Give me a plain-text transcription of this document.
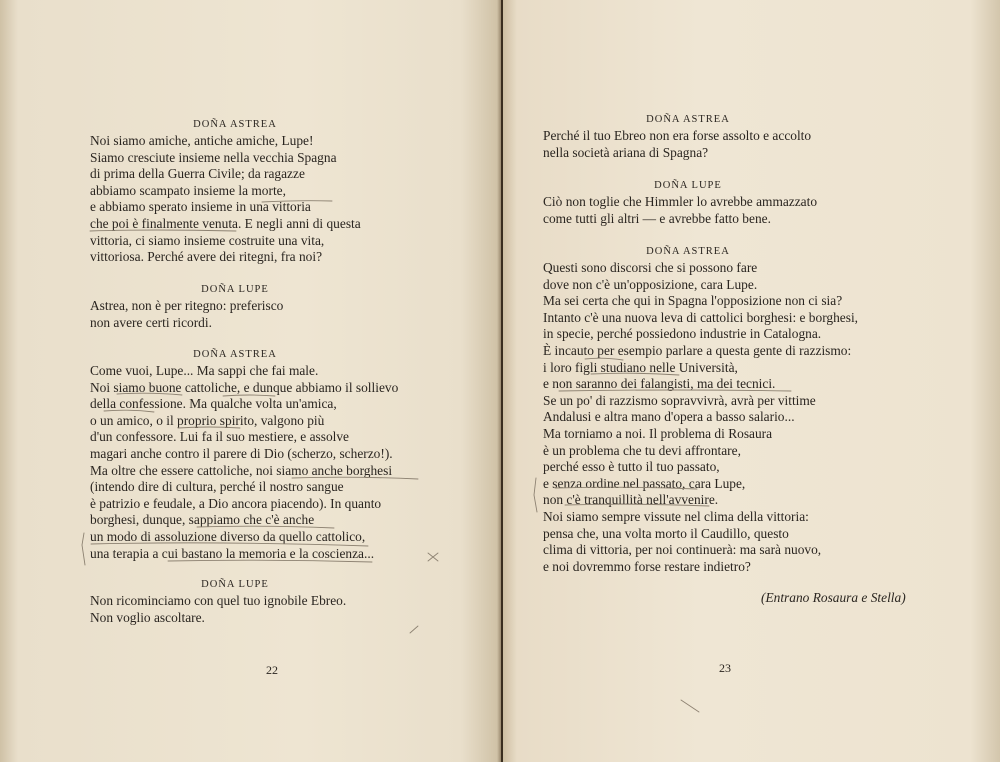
DOÑA ASTREA
Noi siamo amiche, antiche amiche, Lupe!
Siamo cresciute insieme nella vecchia Spagna
di prima della Guerra Civile; da ragazze
abbiamo scampato insieme la morte,
e abbiamo sperato insieme in una vittoria
che poi è finalmente venuta. E negli anni di questa
vittoria, ci siamo insieme costruite una vita,
vittoriosa. Perché avere dei ritegni, fra noi?
DOÑA LUPE
Astrea, non è per ritegno: preferisco
non avere certi ricordi.
DOÑA ASTREA
Come vuoi, Lupe... Ma sappi che fai male.
Noi siamo buone cattoliche, e dunque abbiamo il sollievo
della confessione. Ma qualche volta un'amica,
o un amico, o il proprio spirito, valgono più
d'un confessore. Lui fa il suo mestiere, e assolve
magari anche contro il parere di Dio (scherzo, scherzo!).
Ma oltre che essere cattoliche, noi siamo anche borghesi
(intendo dire di cultura, perché il nostro sangue
è patrizio e feudale, a Dio ancora piacendo). In quanto
borghesi, dunque, sappiamo che c'è anche
un modo di assoluzione diverso da quello cattolico,
una terapia a cui bastano la memoria e la coscienza...
DOÑA LUPE
Non ricominciamo con quel tuo ignobile Ebreo.
Non voglio ascoltare.
22
DOÑA ASTREA
Perché il tuo Ebreo non era forse assolto e accolto
nella società ariana di Spagna?
DOÑA LUPE
Ciò non toglie che Himmler lo avrebbe ammazzato
come tutti gli altri — e avrebbe fatto bene.
DOÑA ASTREA
Questi sono discorsi che si possono fare
dove non c'è un'opposizione, cara Lupe.
Ma sei certa che qui in Spagna l'opposizione non ci sia?
Intanto c'è una nuova leva di cattolici borghesi: e borghesi,
in specie, perché possiedono industrie in Catalogna.
È incauto per esempio parlare a questa gente di razzismo:
i loro figli studiano nelle Università,
e non saranno dei falangisti, ma dei tecnici.
Se un po' di razzismo sopravvivrà, avrà per vittime
Andalusi e altra mano d'opera a basso salario...
Ma torniamo a noi. Il problema di Rosaura
è un problema che tu devi affrontare,
perché esso è tutto il tuo passato,
e senza ordine nel passato, cara Lupe,
non c'è tranquillità nell'avvenire.
Noi siamo sempre vissute nel clima della vittoria:
pensa che, una volta morto il Caudillo, questo
clima di vittoria, per noi continuerà: ma sarà nuovo,
e noi dovremmo forse restare indietro?
(Entrano Rosaura e Stella)
23
